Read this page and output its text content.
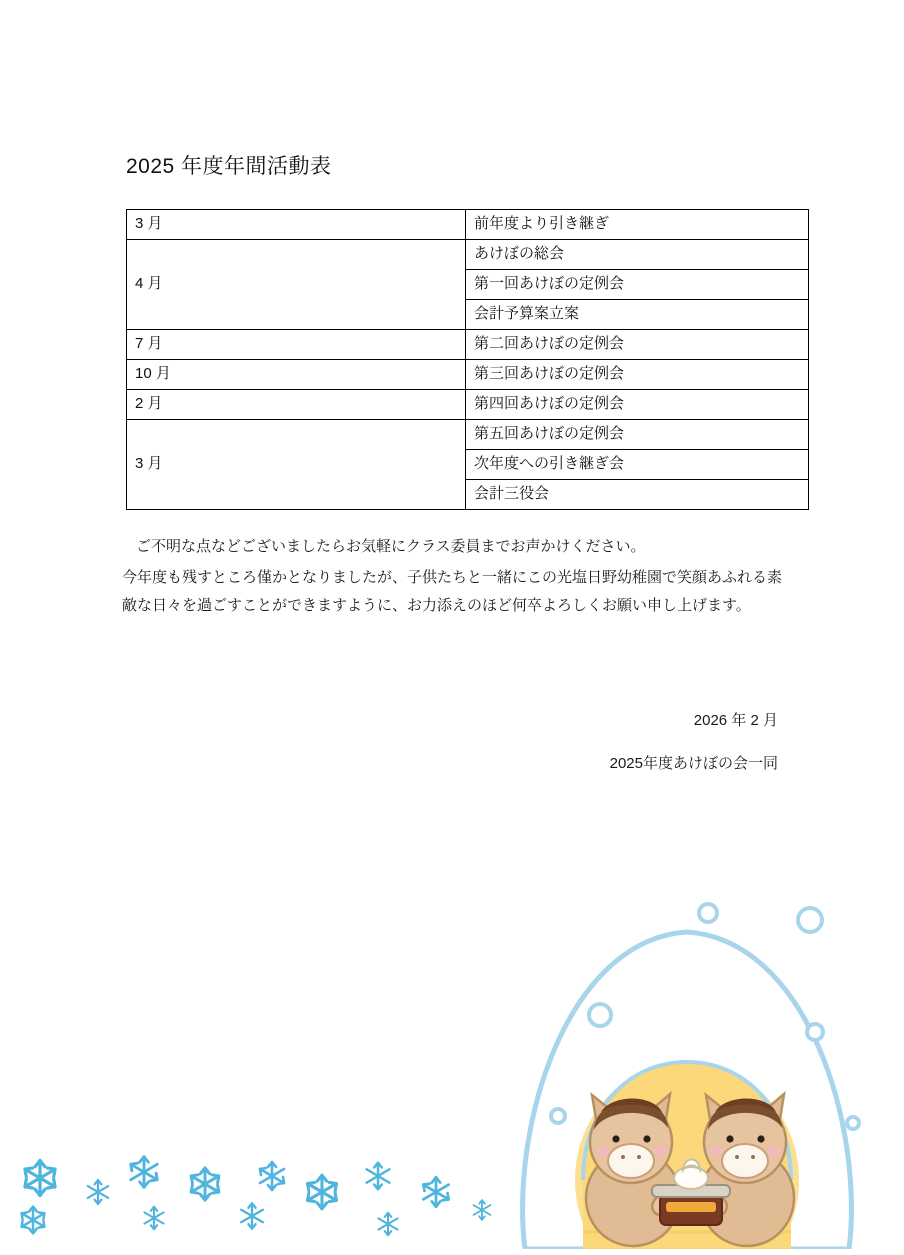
2025 年度年間活動表
3 月	前年度より引き継ぎ
4 月	あけぼの総会
	第一回あけぼの定例会
	会計予算案立案
7 月	第二回あけぼの定例会
10 月	第三回あけぼの定例会
2 月	第四回あけぼの定例会
3 月	第五回あけぼの定例会
	次年度への引き継ぎ会
	会計三役会
ご不明な点などございましたらお気軽にクラス委員までお声かけください。
今年度も残すところ僅かとなりましたが、子供たちと一緒にこの光塩日野幼稚園で笑顔あふれる素敵な日々を過ごすことができますように、お力添えのほど何卒よろしくお願い申し上げます。
2026 年 2 月
2025年度あけぼの会一同
